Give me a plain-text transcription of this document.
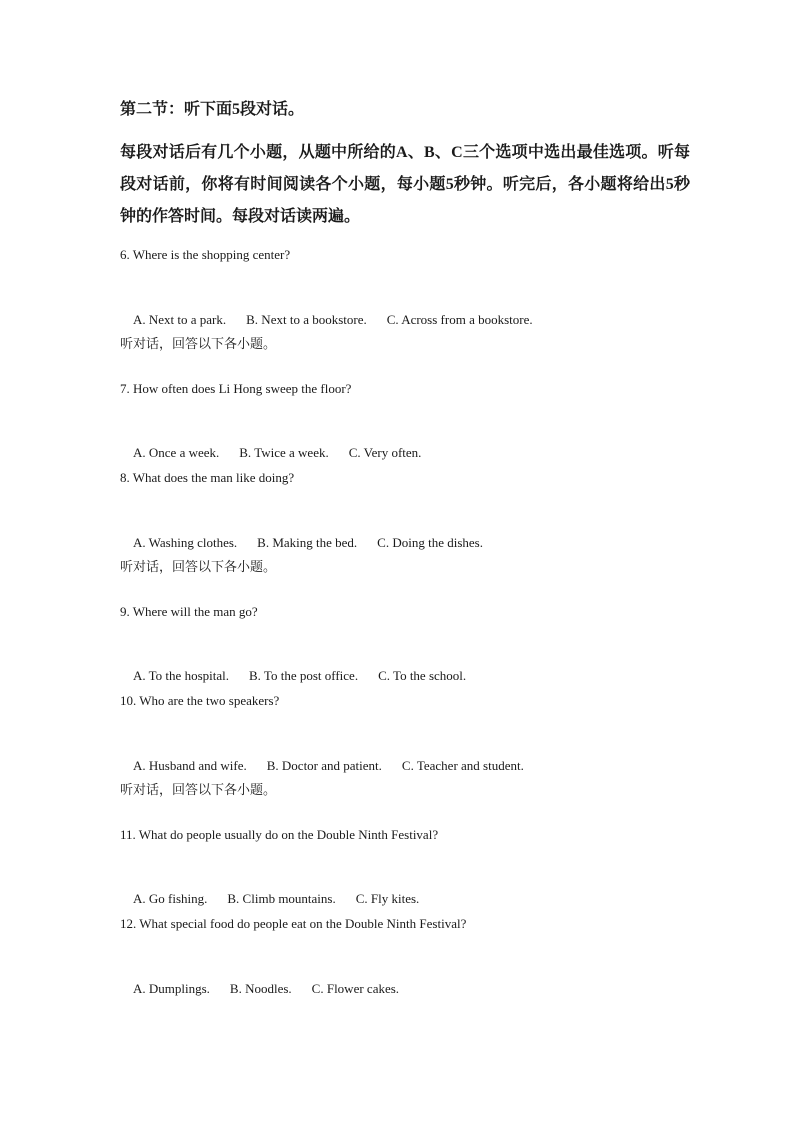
第二节：听下面5段对话。
每段对话后有几个小题，从题中所给的A、B、C三个选项中选出最佳选项。听每段对话前，你将有时间阅读各个小题，每小题5秒钟。听完后，各小题将给出5秒钟的作答时间。每段对话读两遍。
6. Where is the shopping center?

A. Next to a park. B. Next to a bookstore. C. Across from a bookstore.

听对话，回答以下各小题。
7. How often does Li Hong sweep the floor?

A. Once a week. B. Twice a week. C. Very often.

8. What does the man like doing?

A. Washing clothes. B. Making the bed. C. Doing the dishes.

听对话，回答以下各小题。
9. Where will the man go?

A. To the hospital. B. To the post office. C. To the school.

10. Who are the two speakers?

A. Husband and wife. B. Doctor and patient. C. Teacher and student.

听对话，回答以下各小题。
11. What do people usually do on the Double Ninth Festival?

A. Go fishing. B. Climb mountains. C. Fly kites.

12. What special food do people eat on the Double Ninth Festival?

A. Dumplings. B. Noodles. C. Flower cakes.
